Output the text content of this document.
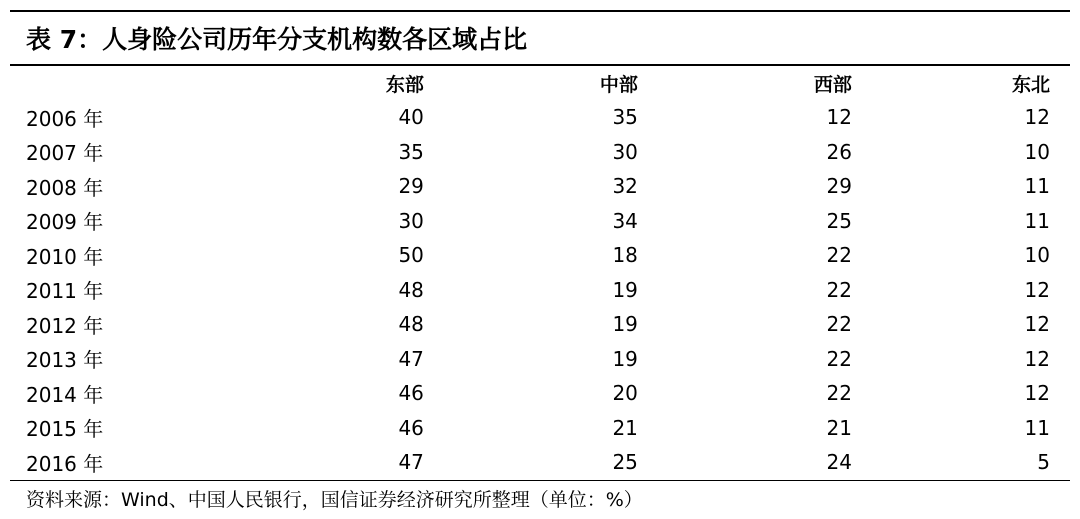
表 7：人身险公司历年分支机构数各区域占比
	东部	中部	西部	东北
2006 年	40	35	12	12
2007 年	35	30	26	10
2008 年	29	32	29	11
2009 年	30	34	25	11
2010 年	50	18	22	10
2011 年	48	19	22	12
2012 年	48	19	22	12
2013 年	47	19	22	12
2014 年	46	20	22	12
2015 年	46	21	21	11
2016 年	47	25	24	5
资料来源：Wind、中国人民银行，国信证券经济研究所整理（单位：%）
